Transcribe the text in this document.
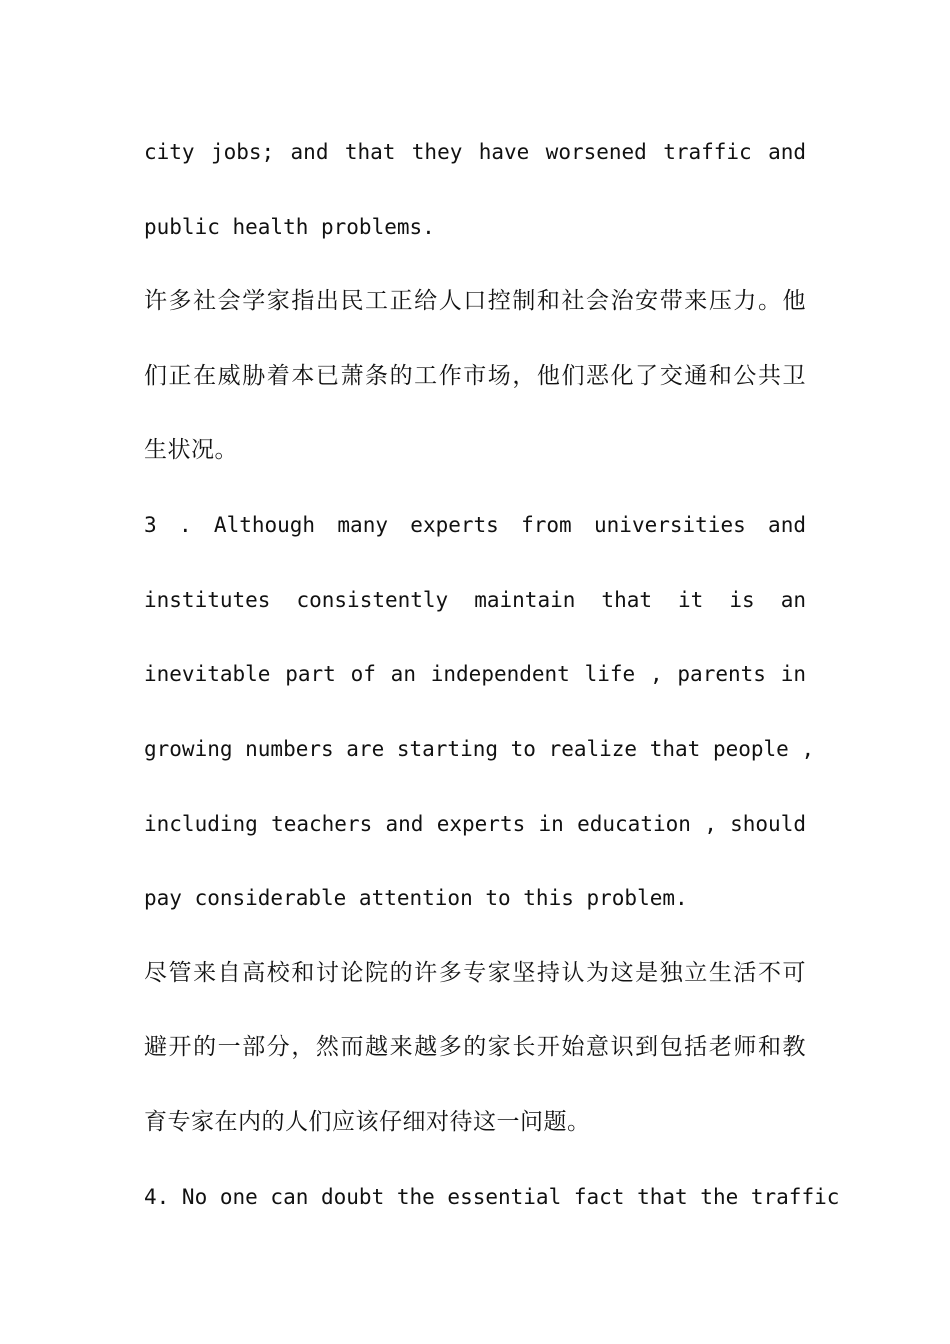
city jobs; and that they have worsened traffic and
public health problems.
许多社会学家指出民工正给人口控制和社会治安带来压力。他
们正在威胁着本已萧条的工作市场，他们恶化了交通和公共卫
生状况。
3 . Although many experts from universities and
institutes consistently maintain that it is an
inevitable part of an independent life , parents in
growing numbers are starting to realize that people ,
including teachers and experts in education , should
pay considerable attention to this problem.
尽管来自高校和讨论院的许多专家坚持认为这是独立生活不可
避开的一部分，然而越来越多的家长开始意识到包括老师和教
育专家在内的人们应该仔细对待这一问题。
4. No one can doubt the essential fact that the traffic
